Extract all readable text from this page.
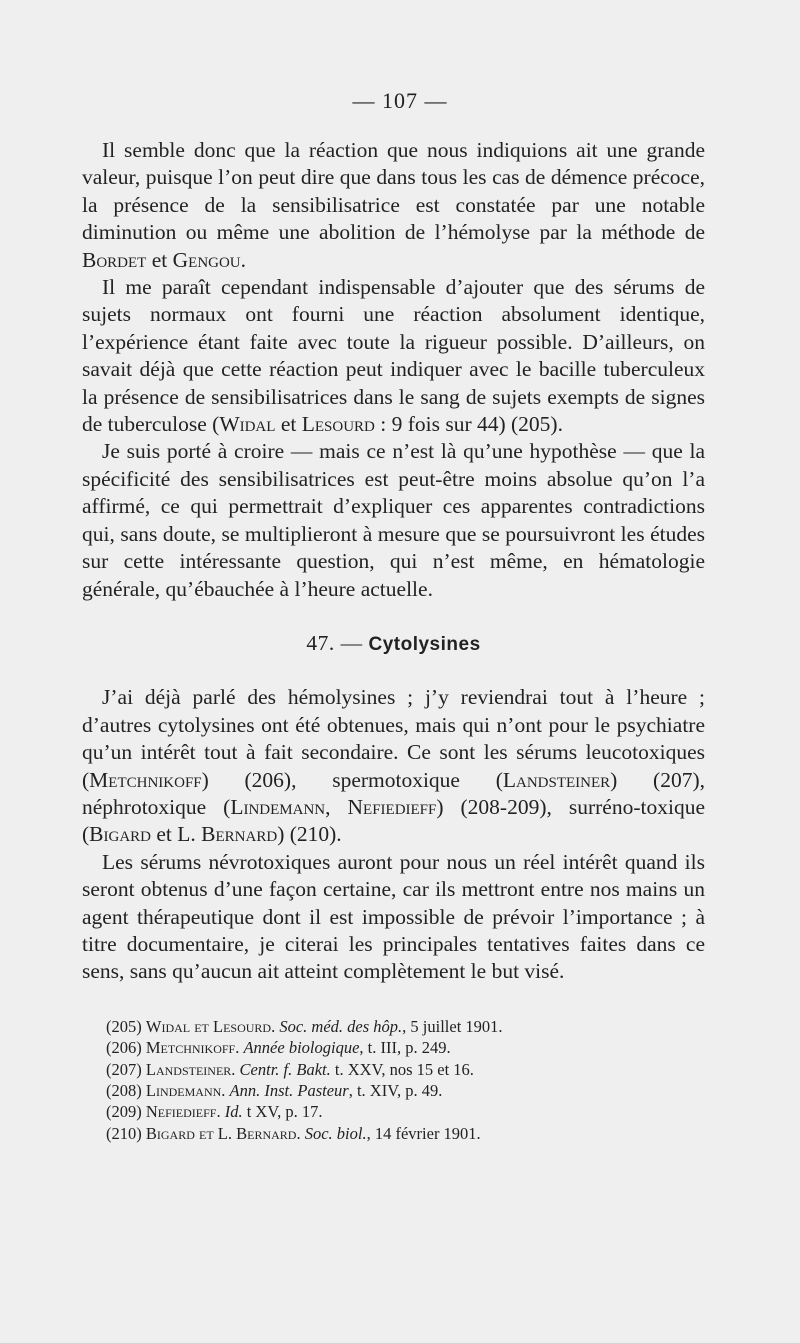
— 107 —

Il semble donc que la réaction que nous indiquions ait une grande valeur, puisque l’on peut dire que dans tous les cas de démence précoce, la présence de la sensibilisatrice est constatée par une notable diminution ou même une abolition de l’hémolyse par la méthode de Bordet et Gengou.

Il me paraît cependant indispensable d’ajouter que des sérums de sujets normaux ont fourni une réaction absolument identique, l’expérience étant faite avec toute la rigueur possible. D’ailleurs, on savait déjà que cette réaction peut indiquer avec le bacille tuberculeux la présence de sensibilisatrices dans le sang de sujets exempts de signes de tuberculose (Widal et Lesourd : 9 fois sur 44) (205).

Je suis porté à croire — mais ce n’est là qu’une hypothèse — que la spécificité des sensibilisatrices est peut-être moins absolue qu’on l’a affirmé, ce qui permettrait d’expliquer ces apparentes contradictions qui, sans doute, se multiplieront à mesure que se poursuivront les études sur cette intéressante question, qui n’est même, en hématologie générale, qu’ébauchée à l’heure actuelle.

47. — Cytolysines

J’ai déjà parlé des hémolysines ; j’y reviendrai tout à l’heure ; d’autres cytolysines ont été obtenues, mais qui n’ont pour le psychiatre qu’un intérêt tout à fait secondaire. Ce sont les sérums leucotoxiques (Metchnikoff) (206), spermotoxique (Landsteiner) (207), néphrotoxique (Lindemann, Nefiedieff) (208-209), surréno-toxique (Bigard et L. Bernard) (210).

Les sérums névrotoxiques auront pour nous un réel intérêt quand ils seront obtenus d’une façon certaine, car ils mettront entre nos mains un agent thérapeutique dont il est impossible de prévoir l’importance ; à titre documentaire, je citerai les principales tentatives faites dans ce sens, sans qu’aucun ait atteint complètement le but visé.

(205) Widal et Lesourd. Soc. méd. des hôp., 5 juillet 1901.
(206) Metchnikoff. Année biologique, t. III, p. 249.
(207) Landsteiner. Centr. f. Bakt. t. XXV, nos 15 et 16.
(208) Lindemann. Ann. Inst. Pasteur, t. XIV, p. 49.
(209) Nefiedieff. Id. t XV, p. 17.
(210) Bigard et L. Bernard. Soc. biol., 14 février 1901.
